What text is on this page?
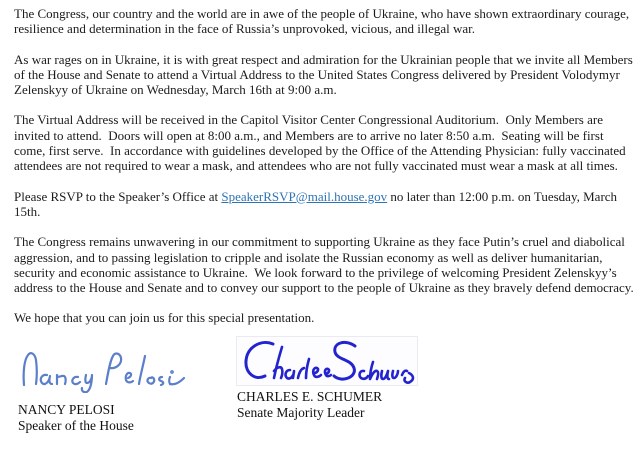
The Congress, our country and the world are in awe of the people of Ukraine, who have shown extraordinary courage, resilience and determination in the face of Russia’s unprovoked, vicious, and illegal war.

As war rages on in Ukraine, it is with great respect and admiration for the Ukrainian people that we invite all Members of the House and Senate to attend a Virtual Address to the United States Congress delivered by President Volodymyr Zelenskyy of Ukraine on Wednesday, March 16th at 9:00 a.m.

The Virtual Address will be received in the Capitol Visitor Center Congressional Auditorium.  Only Members are invited to attend.  Doors will open at 8:00 a.m., and Members are to arrive no later 8:50 a.m.  Seating will be first come, first serve.  In accordance with guidelines developed by the Office of the Attending Physician: fully vaccinated attendees are not required to wear a mask, and attendees who are not fully vaccinated must wear a mask at all times.

Please RSVP to the Speaker’s Office at SpeakerRSVP@mail.house.gov no later than 12:00 p.m. on Tuesday, March 15th.

The Congress remains unwavering in our commitment to supporting Ukraine as they face Putin’s cruel and diabolical aggression, and to passing legislation to cripple and isolate the Russian economy as well as deliver humanitarian, security and economic assistance to Ukraine.  We look forward to the privilege of welcoming President Zelenskyy’s address to the House and Senate and to convey our support to the people of Ukraine as they bravely defend democracy.

We hope that you can join us for this special presentation.

NANCY PELOSI
Speaker of the House
CHARLES E. SCHUMER
Senate Majority Leader
